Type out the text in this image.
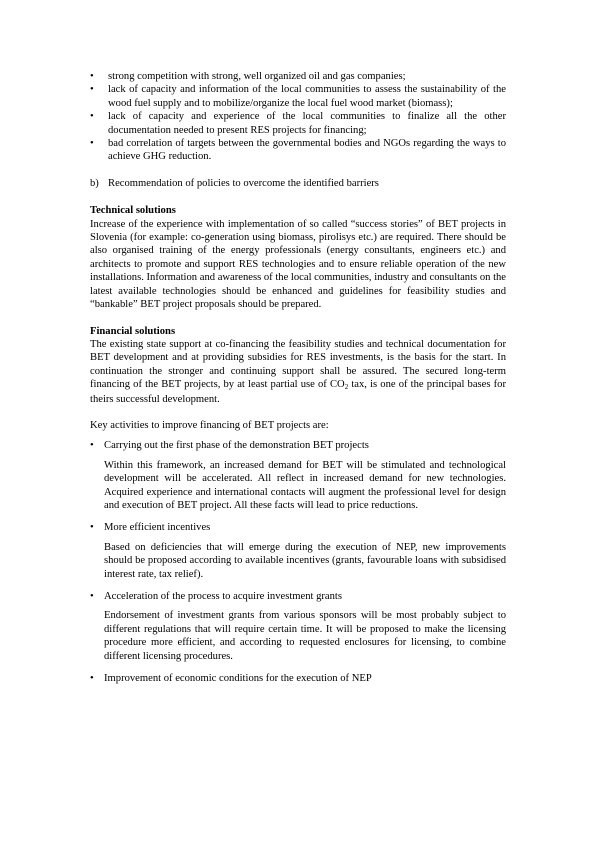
• strong competition with strong, well organized oil and gas companies;
• lack of capacity and information of the local communities to assess the sustainability of the wood fuel supply and to mobilize/organize the local fuel wood market (biomass);
• lack of capacity and experience of the local communities to finalize all the other documentation needed to present RES projects for financing;
• bad correlation of targets between the governmental bodies and NGOs regarding the ways to achieve GHG reduction.

b) Recommendation of policies to overcome the identified barriers

Technical solutions

Increase of the experience with implementation of so called “success stories” of BET projects in Slovenia (for example: co-generation using biomass, pirolisys etc.) are required. There should be also organised training of the energy professionals (energy consultants, engineers etc.) and architects to promote and support RES technologies and to ensure reliable operation of the new installations. Information and awareness of the local communities, industry and consultants on the latest available technologies should be enhanced and guidelines for feasibility studies and “bankable” BET project proposals should be prepared.

Financial solutions

The existing state support at co-financing the feasibility studies and technical documentation for BET development and at providing subsidies for RES investments, is the basis for the start. In continuation the stronger and continuing support shall be assured. The secured long-term financing of the BET projects, by at least partial use of CO2 tax, is one of the principal bases for theirs successful development.

Key activities to improve financing of BET projects are:

• Carrying out the first phase of the demonstration BET projects
Within this framework, an increased demand for BET will be stimulated and technological development will be accelerated. All reflect in increased demand for new technologies. Acquired experience and international contacts will augment the professional level for design and execution of BET project. All these facts will lead to price reductions.
• More efficient incentives
Based on deficiencies that will emerge during the execution of NEP, new improvements should be proposed according to available incentives (grants, favourable loans with subsidised interest rate, tax relief).
• Acceleration of the process to acquire investment grants
Endorsement of investment grants from various sponsors will be most probably subject to different regulations that will require certain time. It will be proposed to make the licensing procedure more efficient, and according to requested enclosures for licensing, to combine different licensing procedures.
• Improvement of economic conditions for the execution of NEP
